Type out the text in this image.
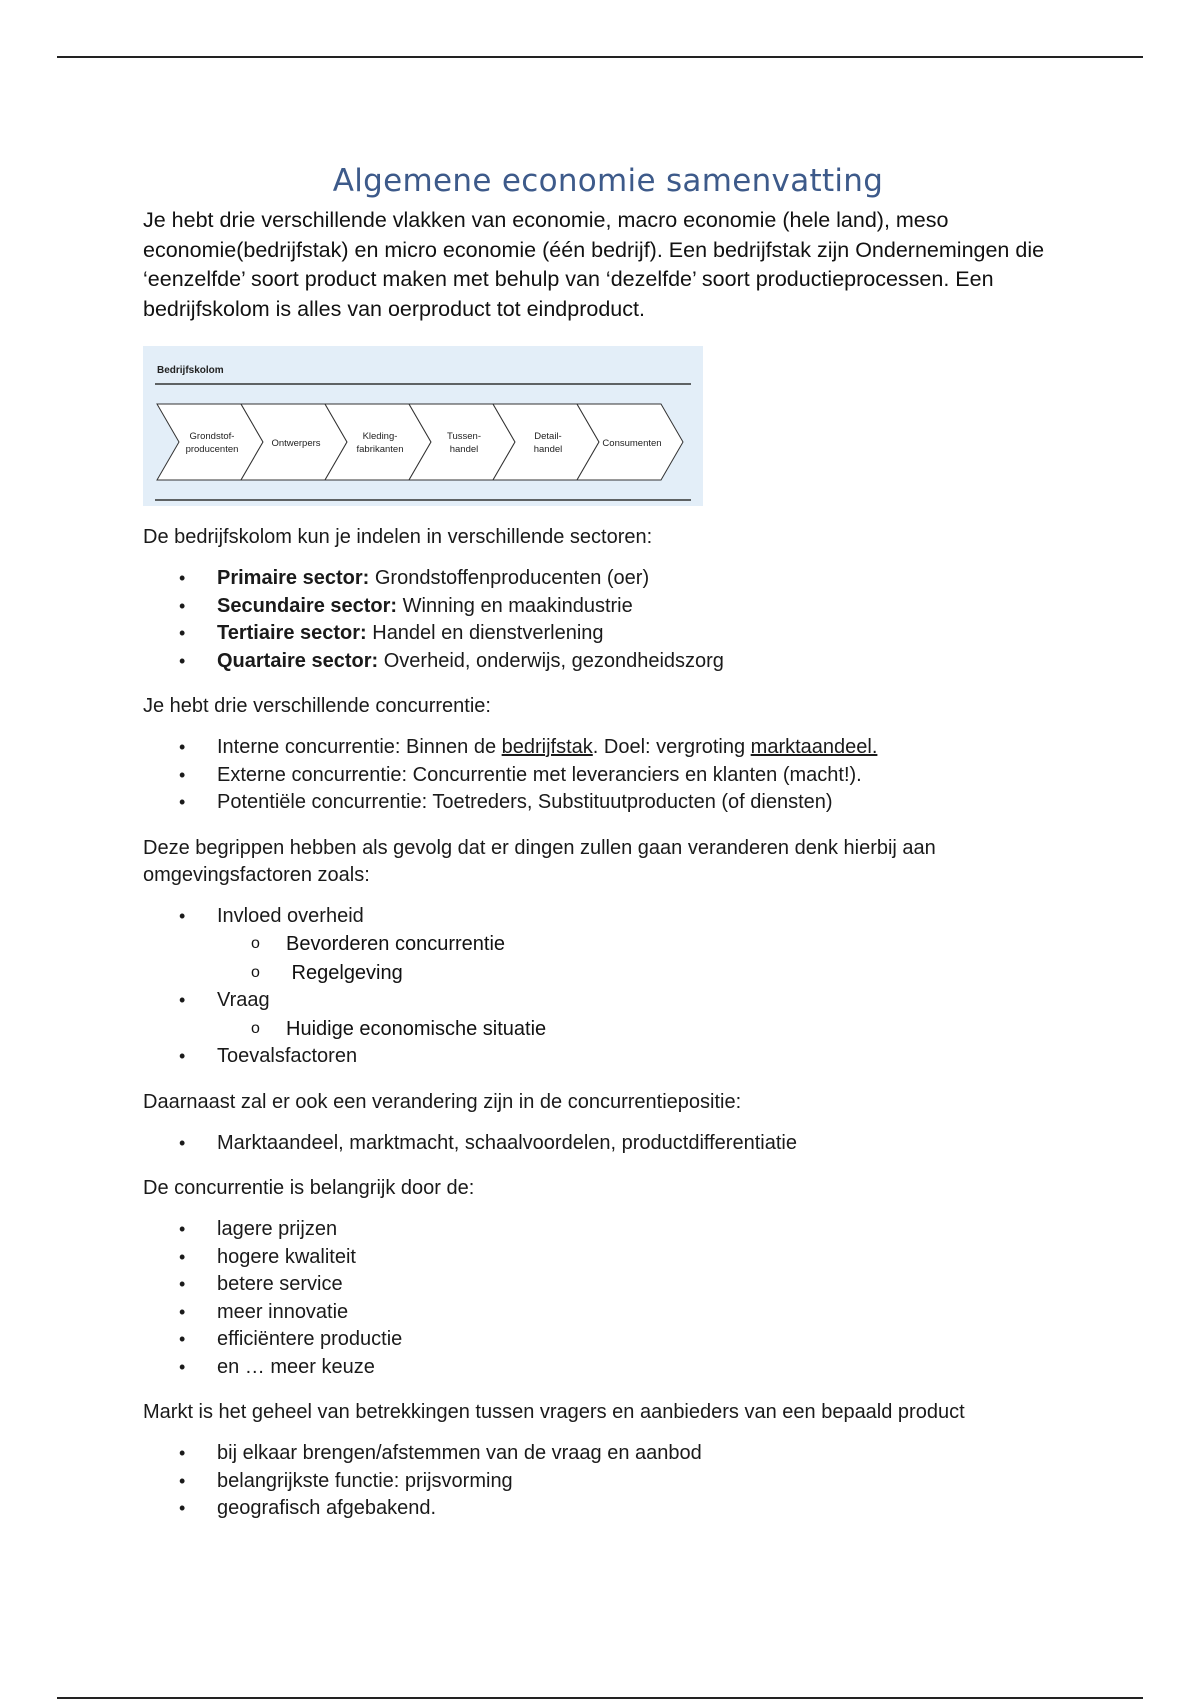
Algemene economie samenvatting

Je hebt drie verschillende vlakken van economie, macro economie (hele land), meso economie(bedrijfstak) en micro economie (één bedrijf). Een bedrijfstak zijn Ondernemingen die ‘eenzelfde’ soort product maken met behulp van ‘dezelfde’ soort productieprocessen. Een bedrijfskolom is alles van oerproduct tot eindproduct.

Bedrijfskolom
Grondstof-
producenten
Ontwerpers
Kleding-
fabrikanten
Tussen-
handel
Detail-
handel
Consumenten

De bedrijfskolom kun je indelen in verschillende sectoren:

• Primaire sector: Grondstoffenproducenten (oer)
• Secundaire sector: Winning en maakindustrie
• Tertiaire sector: Handel en dienstverlening
• Quartaire sector: Overheid, onderwijs, gezondheidszorg

Je hebt drie verschillende concurrentie:

• Interne concurrentie: Binnen de bedrijfstak. Doel: vergroting marktaandeel.
• Externe concurrentie: Concurrentie met leveranciers en klanten (macht!).
• Potentiële concurrentie: Toetreders, Substituutproducten (of diensten)

Deze begrippen hebben als gevolg dat er dingen zullen gaan veranderen denk hierbij aan omgevingsfactoren zoals:

• Invloed overheid
o Bevorderen concurrentie
o Regelgeving
• Vraag
o Huidige economische situatie
• Toevalsfactoren

Daarnaast zal er ook een verandering zijn in de concurrentiepositie:

• Marktaandeel, marktmacht, schaalvoordelen, productdifferentiatie

De concurrentie is belangrijk door de:

• lagere prijzen
• hogere kwaliteit
• betere service
• meer innovatie
• efficiëntere productie
• en … meer keuze

Markt is het geheel van betrekkingen tussen vragers en aanbieders van een bepaald product

• bij elkaar brengen/afstemmen van de vraag en aanbod
• belangrijkste functie: prijsvorming
• geografisch afgebakend.
